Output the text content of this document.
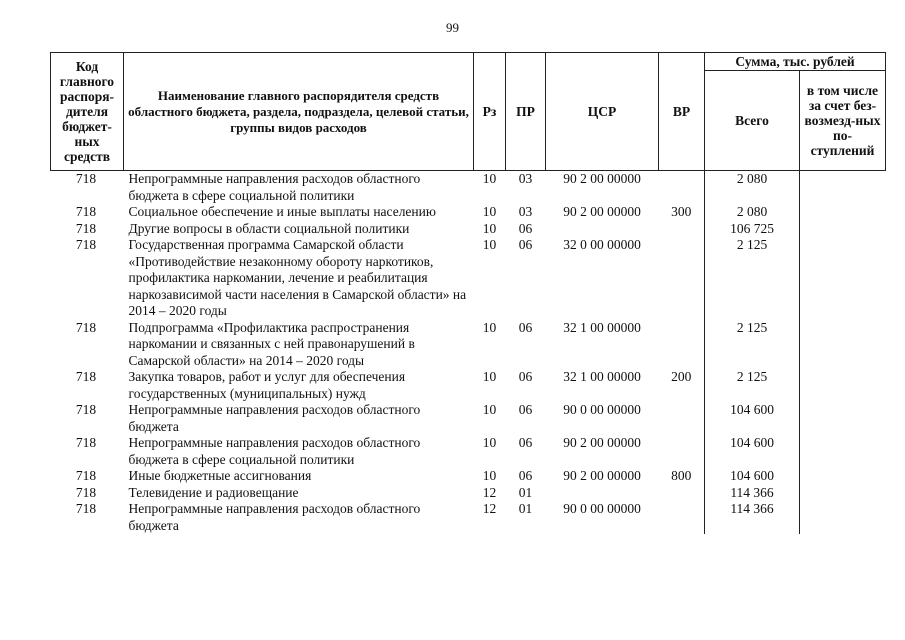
99
Код главного распоря-дителя бюджет-ных средств	Наименование главного распорядителя средств областного бюджета, раздела, подраздела, целевой статьи, группы видов расходов	Рз	ПР	ЦСР	ВР	Сумма, тыс. рублей	
						Всего	в том числе за счет без-возмезд-ных по-ступлений
718	Непрограммные направления расходов областного бюджета в сфере социальной политики	10	03	90 2 00 00000		2 080	
718	Социальное обеспечение и иные выплаты населению	10	03	90 2 00 00000	300	2 080	
718	Другие вопросы в области социальной политики	10	06			106 725	
718	Государственная программа Самарской области «Противодействие незаконному обороту наркотиков, профилактика наркомании, лечение и реабилитация наркозависимой части населения в Самарской области» на 2014 – 2020 годы	10	06	32 0 00 00000		2 125	
718	Подпрограмма «Профилактика распространения наркомании и связанных с ней правонарушений в Самарской области» на 2014 – 2020 годы	10	06	32 1 00 00000		2 125	
718	Закупка товаров, работ и услуг для обеспечения государственных (муниципальных) нужд	10	06	32 1 00 00000	200	2 125	
718	Непрограммные направления расходов областного бюджета	10	06	90 0 00 00000		104 600	
718	Непрограммные направления расходов областного бюджета в сфере социальной политики	10	06	90 2 00 00000		104 600	
718	Иные бюджетные ассигнования	10	06	90 2 00 00000	800	104 600	
718	Телевидение и радиовещание	12	01			114 366	
718	Непрограммные направления расходов областного бюджета	12	01	90 0 00 00000		114 366	
